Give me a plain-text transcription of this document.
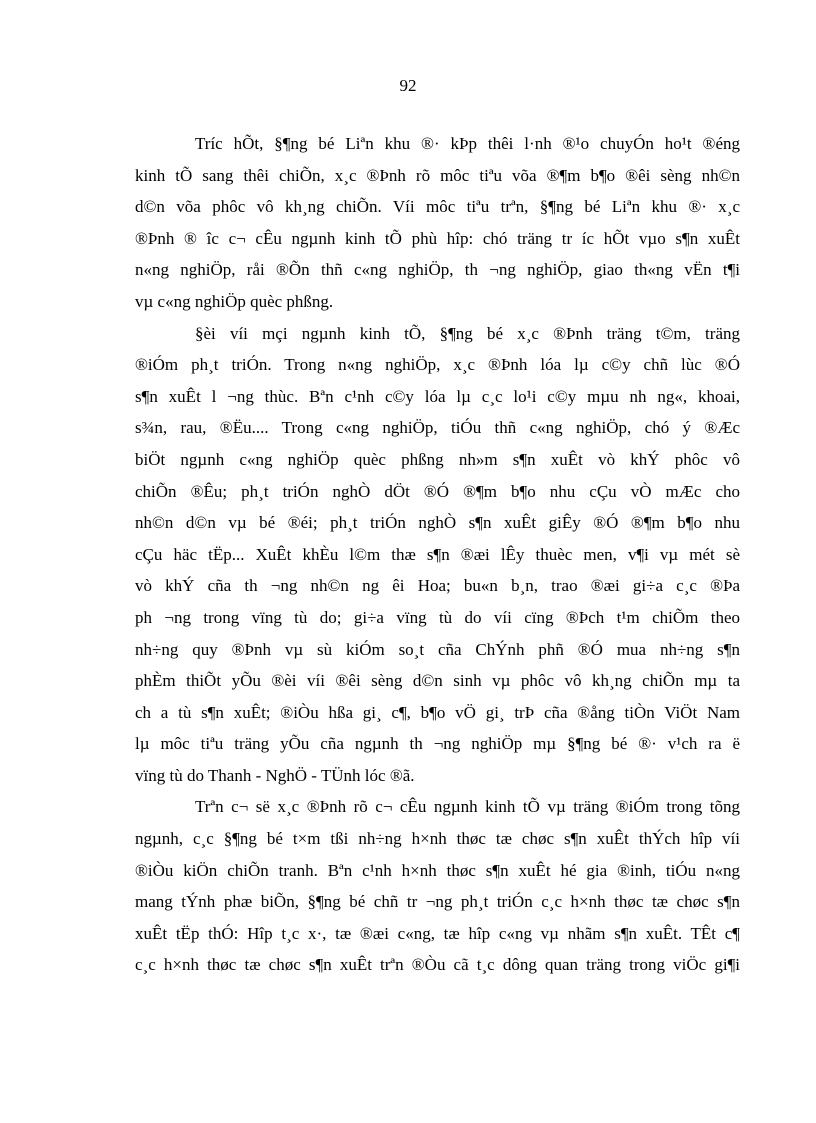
92
Tríc hÕt, §¶ng bé Liªn khu ®· kÞp thêi l·nh ®¹o chuyÓn ho¹t ®éng
kinh tÕ sang thêi chiÕn, x¸c ®Þnh rõ môc tiªu võa ®¶m b¶o ®êi sèng nh©n
d©n võa phôc vô kh¸ng chiÕn. Víi môc tiªu trªn, §¶ng bé Liªn khu ®· x¸c
®Þnh ® îc c¬ cÊu ngµnh kinh tÕ phù hîp: chó träng tr íc hÕt vµo s¶n xuÊt
n«ng nghiÖp, råi ®Õn thñ c«ng nghiÖp, th ¬ng nghiÖp, giao th«ng vËn t¶i
vµ c«ng nghiÖp quèc phßng.
§èi víi mçi ngµnh kinh tÕ, §¶ng bé x¸c ®Þnh träng t©m, träng
®iÓm ph¸t triÓn. Trong n«ng nghiÖp, x¸c ®Þnh lóa lµ c©y chñ lùc ®Ó
s¶n xuÊt l ¬ng thùc. Bªn c¹nh c©y lóa lµ c¸c lo¹i c©y mµu nh ng«, khoai,
s¾n, rau, ®Ëu.... Trong c«ng nghiÖp, tiÓu thñ c«ng nghiÖp, chó ý ®Æc
biÖt ngµnh c«ng nghiÖp quèc phßng nh»m s¶n xuÊt vò khÝ phôc vô
chiÕn ®Êu; ph¸t triÓn nghÒ dÖt ®Ó ®¶m b¶o nhu cÇu vÒ mÆc cho
nh©n d©n vµ bé ®éi; ph¸t triÓn nghÒ s¶n xuÊt giÊy ®Ó ®¶m b¶o nhu
cÇu häc tËp... XuÊt khÈu l©m thæ s¶n ®æi lÊy thuèc men, v¶i vµ mét sè
vò khÝ cña th ¬ng nh©n ng êi Hoa; bu«n b¸n, trao ®æi gi÷a c¸c ®Þa
ph ¬ng trong vïng tù do; gi÷a vïng tù do víi cïng ®Þch t¹m chiÕm theo
nh÷ng quy ®Þnh vµ sù kiÓm so¸t cña ChÝnh phñ ®Ó mua nh÷ng s¶n
phÈm thiÕt yÕu ®èi víi ®êi sèng d©n sinh vµ phôc vô kh¸ng chiÕn mµ ta
ch a tù s¶n xuÊt; ®iÒu hßa gi¸ c¶, b¶o vÖ gi¸ trÞ cña ®ång tiÒn ViÖt Nam
lµ môc tiªu träng yÕu cña ngµnh th ¬ng nghiÖp mµ §¶ng bé ®· v¹ch ra ë
vïng tù do Thanh - NghÖ - TÜnh lóc ®ã.
Trªn c¬ së x¸c ®Þnh rõ c¬ cÊu ngµnh kinh tÕ vµ träng ®iÓm trong tõng
ngµnh, c¸c §¶ng bé t×m tßi nh÷ng h×nh thøc tæ chøc s¶n xuÊt thÝch hîp víi
®iÒu kiÖn chiÕn tranh. Bªn c¹nh h×nh thøc s¶n xuÊt hé gia ®inh, tiÓu n«ng
mang tÝnh phæ biÕn, §¶ng bé chñ tr ¬ng ph¸t triÓn c¸c h×nh thøc tæ chøc s¶n
xuÊt tËp thÓ: Hîp t¸c x·, tæ ®æi c«ng, tæ hîp c«ng vµ nhãm s¶n xuÊt. TÊt c¶
c¸c h×nh thøc tæ chøc s¶n xuÊt trªn ®Òu cã t¸c dông quan träng trong viÖc gi¶i
